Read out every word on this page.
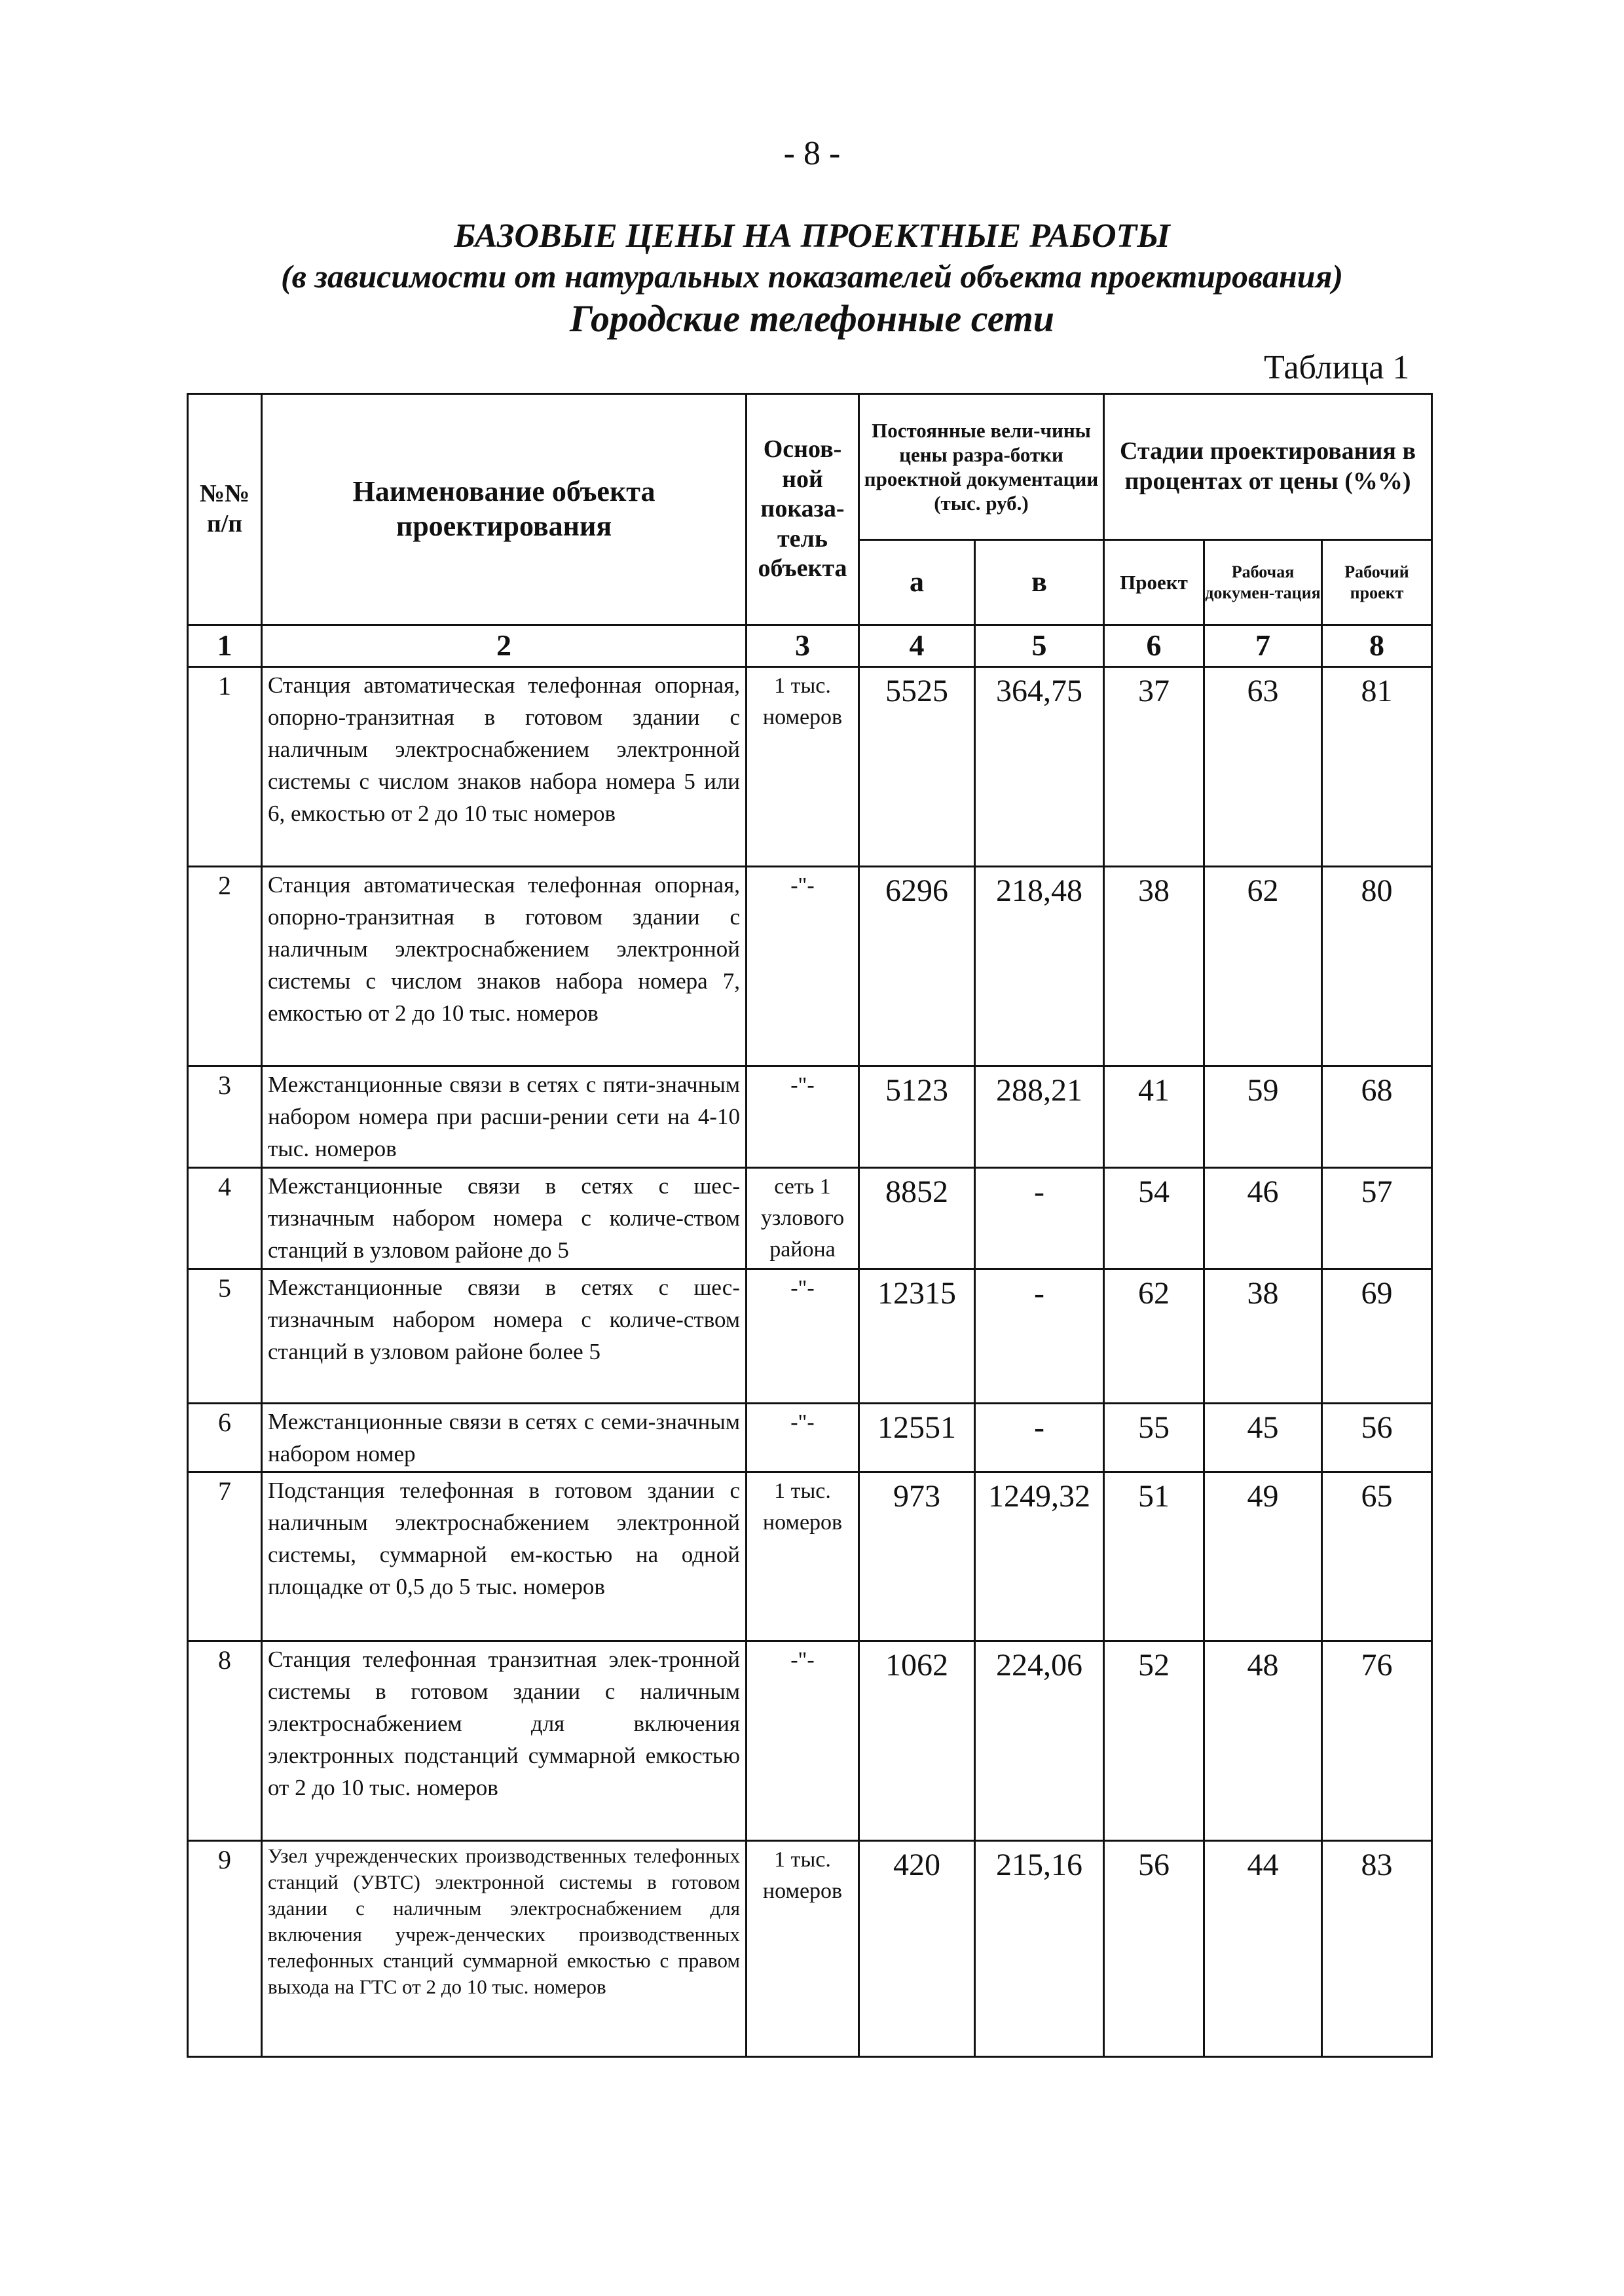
- 8 -
БАЗОВЫЕ ЦЕНЫ НА ПРОЕКТНЫЕ РАБОТЫ
(в зависимости от натуральных показателей объекта проектирования)
Городские телефонные сети
Таблица 1
№№ п/п	Наименование объекта проектирования	Основ-ной показа-тель объекта	Постоянные вели-чины цены разра-ботки проектной документации (тыс. руб.)		Стадии проектирования в процентах от цены (%%)		
			а	в	Проект	Рабочая докумен-тация	Рабочий проект
1	2	3	4	5	6	7	8
1	Станция автоматическая телефонная опорная, опорно-транзитная в готовом здании с наличным электроснабжением электронной системы с числом знаков набора номера 5 или 6, емкостью от 2 до 10 тыс номеров	1 тыс. номеров	5525	364,75	37	63	81
2	Станция автоматическая телефонная опорная, опорно-транзитная в готовом здании с наличным электроснабжением электронной системы с числом знаков набора номера 7, емкостью от 2 до 10 тыс. номеров	-"-	6296	218,48	38	62	80
3	Межстанционные связи в сетях с пяти-значным набором номера при расши-рении сети на 4-10 тыс. номеров	-"-	5123	288,21	41	59	68
4	Межстанционные связи в сетях с шес-тизначным набором номера с количе-ством станций в узловом районе до 5	сеть 1 узлового района	8852	-	54	46	57
5	Межстанционные связи в сетях с шес-тизначным набором номера с количе-ством станций в узловом районе более 5	-"-	12315	-	62	38	69
6	Межстанционные связи в сетях с семи-значным набором номер	-"-	12551	-	55	45	56
7	Подстанция телефонная в готовом здании с наличным электроснабжением электронной системы, суммарной ем-костью на одной площадке от 0,5 до 5 тыс. номеров	1 тыс. номеров	973	1249,32	51	49	65
8	Станция телефонная транзитная элек-тронной системы в готовом здании с наличным электроснабжением для включения электронных подстанций суммарной емкостью от 2 до 10 тыс. номеров	-"-	1062	224,06	52	48	76
9	Узел учрежденческих производственных телефонных станций (УВТС) электронной системы в готовом здании с наличным электроснабжением для включения учреж-денческих производственных телефонных станций суммарной емкостью с правом выхода на ГТС от 2 до 10 тыс. номеров	1 тыс. номеров	420	215,16	56	44	83
